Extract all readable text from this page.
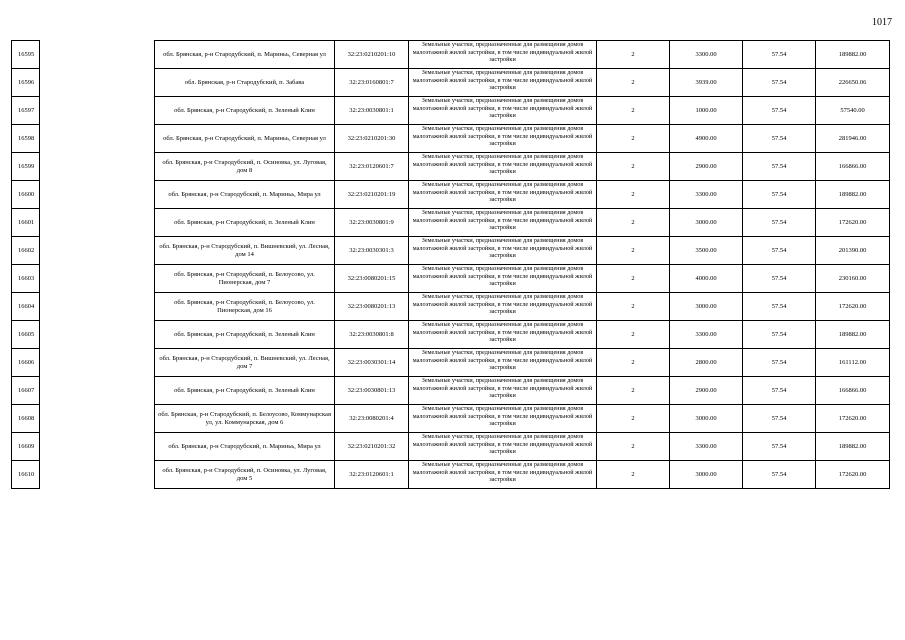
1017
16595		обл. Брянская, р-н Стародубский, п. Мариньь, Северная ул	32:23:0210201:10	Земельные участки, предназначенные для размещения домов малоэтажной жилой застройки, в том числе индивидуальной жилой застройки	2	3300.00	57.54	189882.00
16596		обл. Брянская, р-н Стародубский, п. Забава	32:23:0160801:7	Земельные участки, предназначенные для размещения домов малоэтажной жилой застройки, в том числе индивидуальной жилой застройки	2	3939.00	57.54	226650.06
16597		обл. Брянская, р-н Стародубский, п. Зеленый Клин	32:23:0030801:1	Земельные участки, предназначенные для размещения домов малоэтажной жилой застройки, в том числе индивидуальной жилой застройки	2	1000.00	57.54	57540.00
16598		обл. Брянская, р-н Стародубский, п. Мариньь, Северная ул	32:23:0210201:30	Земельные участки, предназначенные для размещения домов малоэтажной жилой застройки, в том числе индивидуальной жилой застройки	2	4900.00	57.54	281946.00
16599		обл. Брянская, р-н Стародубский, п. Осиновка, ул. Луговая, дом 8	32:23:0120601:7	Земельные участки, предназначенные для размещения домов малоэтажной жилой застройки, в том числе индивидуальной жилой застройки	2	2900.00	57.54	166866.00
16600		обл. Брянская, р-н Стародубский, п. Мариньь, Мира ул	32:23:0210201:19	Земельные участки, предназначенные для размещения домов малоэтажной жилой застройки, в том числе индивидуальной жилой застройки	2	3300.00	57.54	189882.00
16601		обл. Брянская, р-н Стародубский, п. Зеленый Клин	32:23:0030801:9	Земельные участки, предназначенные для размещения домов малоэтажной жилой застройки, в том числе индивидуальной жилой застройки	2	3000.00	57.54	172620.00
16602		обл. Брянская, р-н Стародубский, п. Вишневский, ул. Лесная, дом 14	32:23:0030301:3	Земельные участки, предназначенные для размещения домов малоэтажной жилой застройки, в том числе индивидуальной жилой застройки	2	3500.00	57.54	201390.00
16603		обл. Брянская, р-н Стародубский, п. Белоусово, ул. Пионерская, дом 7	32:23:0080201:15	Земельные участки, предназначенные для размещения домов малоэтажной жилой застройки, в том числе индивидуальной жилой застройки	2	4000.00	57.54	230160.00
16604		обл. Брянская, р-н Стародубский, п. Белоусово, ул. Пионерская, дом 16	32:23:0080201:13	Земельные участки, предназначенные для размещения домов малоэтажной жилой застройки, в том числе индивидуальной жилой застройки	2	3000.00	57.54	172620.00
16605		обл. Брянская, р-н Стародубский, п. Зеленый Клин	32:23:0030801:8	Земельные участки, предназначенные для размещения домов малоэтажной жилой застройки, в том числе индивидуальной жилой застройки	2	3300.00	57.54	189882.00
16606		обл. Брянская, р-н Стародубский, п. Вишневский, ул. Лесная, дом 7	32:23:0030301:14	Земельные участки, предназначенные для размещения домов малоэтажной жилой застройки, в том числе индивидуальной жилой застройки	2	2800.00	57.54	161112.00
16607		обл. Брянская, р-н Стародубский, п. Зеленый Клин	32:23:0030801:13	Земельные участки, предназначенные для размещения домов малоэтажной жилой застройки, в том числе индивидуальной жилой застройки	2	2900.00	57.54	166866.00
16608		обл. Брянская, р-н Стародубский, п. Белоусово, Коммунарская ул, ул. Коммунарская, дом 6	32:23:0080201:4	Земельные участки, предназначенные для размещения домов малоэтажной жилой застройки, в том числе индивидуальной жилой застройки	2	3000.00	57.54	172620.00
16609		обл. Брянская, р-н Стародубский, п. Мариньь, Мира ул	32:23:0210201:32	Земельные участки, предназначенные для размещения домов малоэтажной жилой застройки, в том числе индивидуальной жилой застройки	2	3300.00	57.54	189882.00
16610		обл. Брянская, р-н Стародубский, п. Осиновка, ул. Луговая, дом 5	32:23:0120601:1	Земельные участки, предназначенные для размещения домов малоэтажной жилой застройки, в том числе индивидуальной жилой застройки	2	3000.00	57.54	172620.00
